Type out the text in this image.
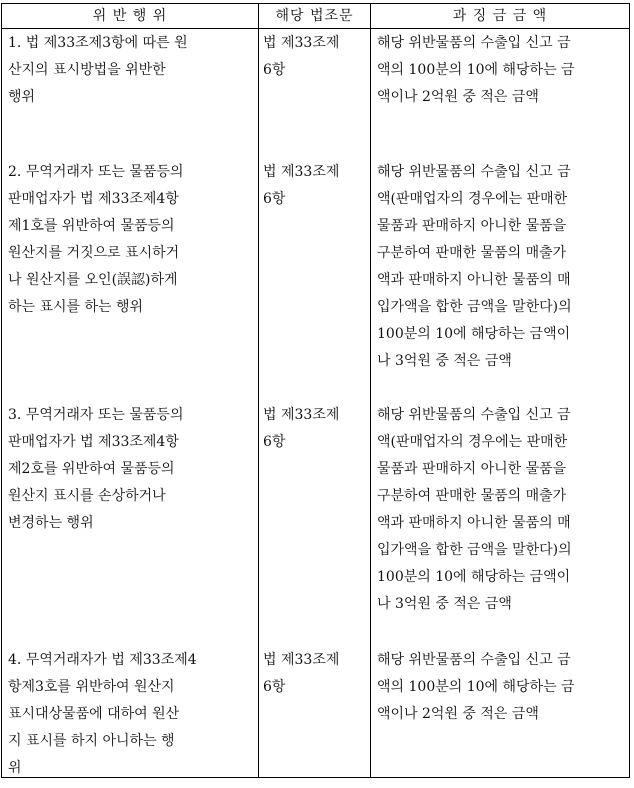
위 반 행 위	해당 법조문	과 징 금 금 액
1. 법 제33조제3항에 따른 원
산지의 표시방법을 위반한
행위
법 제33조제
6항
해당 위반물품의 수출입 신고 금
액의 100분의 10에 해당하는 금
액이나 2억원 중 적은 금액
2. 무역거래자 또는 물품등의
판매업자가 법 제33조제4항
제1호를 위반하여 물품등의
원산지를 거짓으로 표시하거
나 원산지를 오인(誤認)하게
하는 표시를 하는 행위
법 제33조제
6항
해당 위반물품의 수출입 신고 금
액(판매업자의 경우에는 판매한
물품과 판매하지 아니한 물품을
구분하여 판매한 물품의 매출가
액과 판매하지 아니한 물품의 매
입가액을 합한 금액을 말한다)의
100분의 10에 해당하는 금액이
나 3억원 중 적은 금액
3. 무역거래자 또는 물품등의
판매업자가 법 제33조제4항
제2호를 위반하여 물품등의
원산지 표시를 손상하거나
변경하는 행위
법 제33조제
6항
해당 위반물품의 수출입 신고 금
액(판매업자의 경우에는 판매한
물품과 판매하지 아니한 물품을
구분하여 판매한 물품의 매출가
액과 판매하지 아니한 물품의 매
입가액을 합한 금액을 말한다)의
100분의 10에 해당하는 금액이
나 3억원 중 적은 금액
4. 무역거래자가 법 제33조제4
항제3호를 위반하여 원산지
표시대상물품에 대하여 원산
지 표시를 하지 아니하는 행
위
법 제33조제
6항
해당 위반물품의 수출입 신고 금
액의 100분의 10에 해당하는 금
액이나 2억원 중 적은 금액
